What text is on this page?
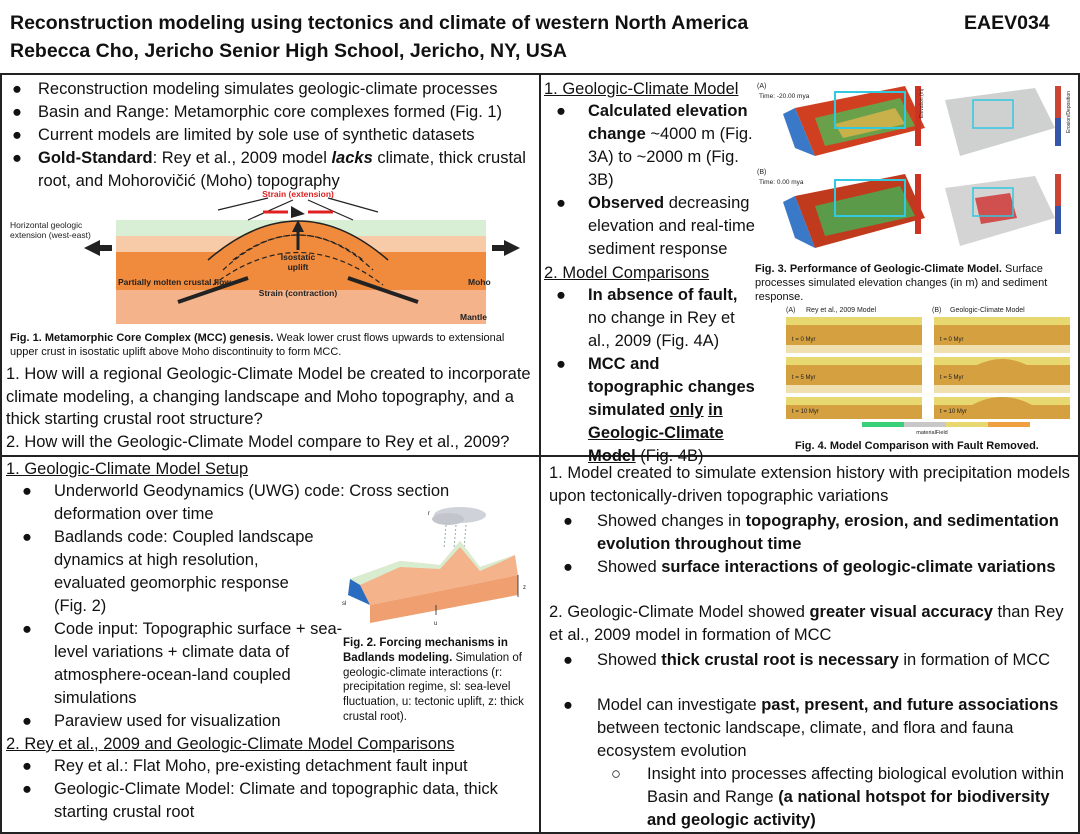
Reconstruction modeling using tectonics and climate of western North America
Rebecca Cho, Jericho Senior High School, Jericho, NY, USA
EAEV034
● Reconstruction modeling simulates geologic-climate processes
● Basin and Range: Metamorphic core complexes formed (Fig. 1)
● Current models are limited by sole use of synthetic datasets
● Gold-Standard: Rey et al., 2009 model lacks climate, thick crustal root, and Mohorovičić (Moho) topography
Strain (extension)
Horizontal geologic
extension (west-east)
Isostatic
uplift
Partially molten crustal flow	Moho
Strain (contraction)
Mantle
Fig. 1. Metamorphic Core Complex (MCC) genesis. Weak lower crust flows upwards to extensional upper crust in isostatic uplift above Moho discontinuity to form MCC.
1. How will a regional Geologic-Climate Model be created to incorporate climate modeling, a changing landscape and Moho topography, and a thick starting crustal root structure?
2. How will the Geologic-Climate Model compare to Rey et al., 2009?
1. Geologic-Climate Model
● Calculated elevation change ~4000 m (Fig. 3A) to ~2000 m (Fig. 3B)
● Observed decreasing elevation and real-time sediment response
2. Model Comparisons
● In absence of fault, no change in Rey et al., 2009 (Fig. 4A)
● MCC and topographic changes simulated only in Geologic-Climate Model (Fig. 4B)
(A)
Time: -20.00 mya	Elevation (m)	Erosion/Deposition
(B)
Time: 0.00 mya
Fig. 3. Performance of Geologic-Climate Model. Surface processes simulated elevation changes (in m) and sediment response.
(A) Rey et al., 2009 Model	(B) Geologic-Climate Model
t = 0 Myr
t = 5 Myr
t = 10 Myr
t = 0 Myr
t = 5 Myr
t = 10 Myr
materialField
Fig. 4. Model Comparison with Fault Removed.
1. Geologic-Climate Model Setup
● Underworld Geodynamics (UWG) code: Cross section deformation over time
● Badlands code: Coupled landscape dynamics at high resolution, evaluated geomorphic response (Fig. 2)
● Code input: Topographic surface + sea-level variations + climate data of atmosphere-ocean-land coupled simulations
● Paraview used for visualization
2. Rey et al., 2009 and Geologic-Climate Model Comparisons
● Rey et al.: Flat Moho, pre-existing detachment fault input
● Geologic-Climate Model: Climate and topographic data, thick starting crustal root
r
sl
z
u
Fig. 2. Forcing mechanisms in Badlands modeling. Simulation of geologic-climate interactions (r: precipitation regime, sl: sea-level fluctuation, u: tectonic uplift, z: thick crustal root).
1. Model created to simulate extension history with precipitation models upon tectonically-driven topographic variations
● Showed changes in topography, erosion, and sedimentation evolution throughout time
● Showed surface interactions of geologic-climate variations
2. Geologic-Climate Model showed greater visual accuracy than Rey et al., 2009 model in formation of MCC
● Showed thick crustal root is necessary in formation of MCC
● Model can investigate past, present, and future associations between tectonic landscape, climate, and flora and fauna ecosystem evolution
○ Insight into processes affecting biological evolution within Basin and Range (a national hotspot for biodiversity and geologic activity)
